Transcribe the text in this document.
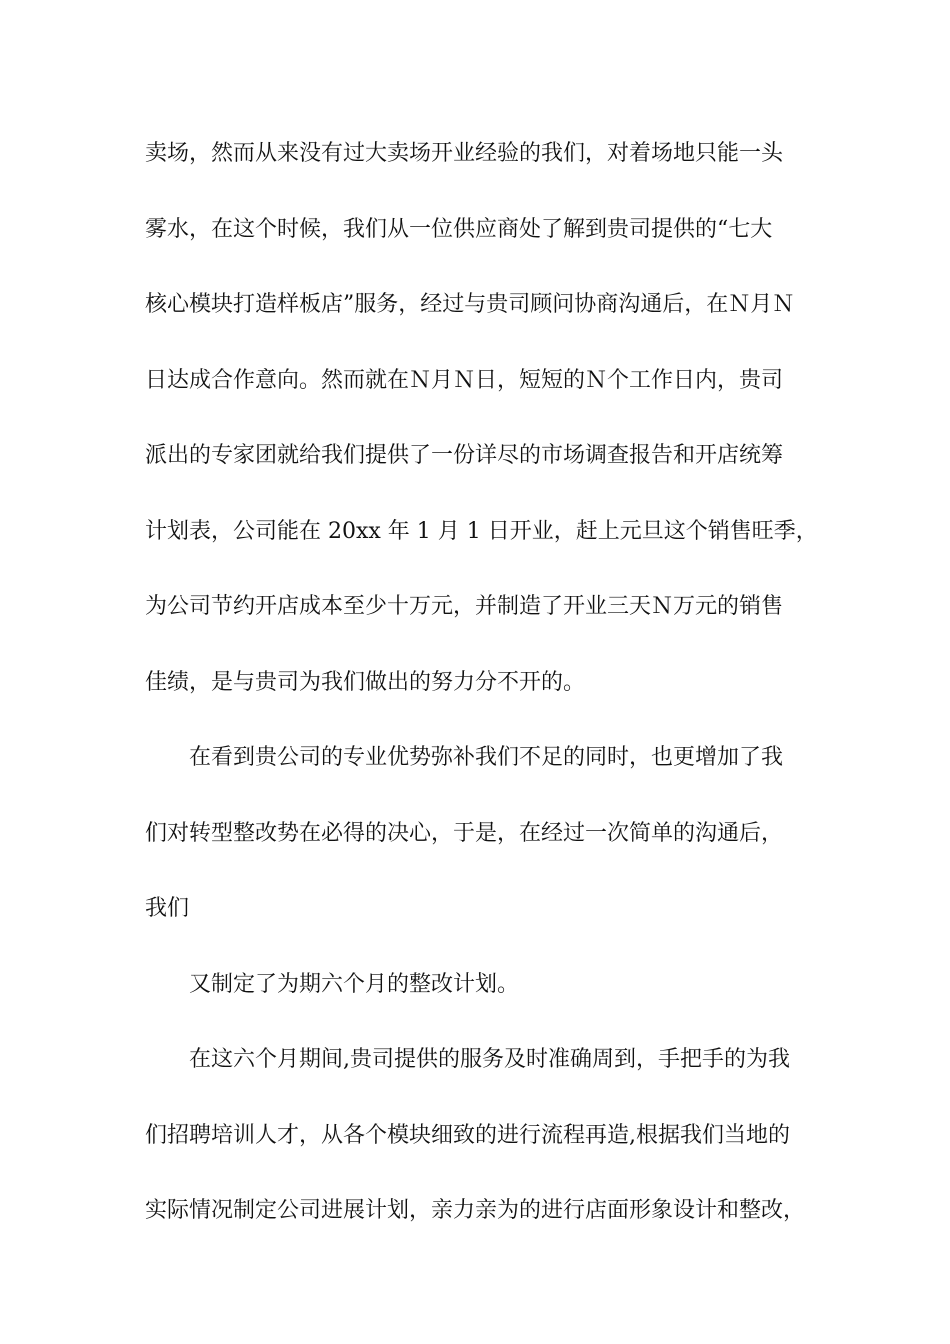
卖场，然而从来没有过大卖场开业经验的我们，对着场地只能一头
雾水，在这个时候，我们从一位供应商处了解到贵司提供的“七大
核心模块打造样板店”服务，经过与贵司顾问协商沟通后，在Ｎ月Ｎ
日达成合作意向。然而就在Ｎ月Ｎ日，短短的Ｎ个工作日内，贵司
派出的专家团就给我们提供了一份详尽的市场调查报告和开店统筹
计划表，公司能在 20xx 年 1 月 1 日开业，赶上元旦这个销售旺季，
为公司节约开店成本至少十万元，并制造了开业三天Ｎ万元的销售
佳绩，是与贵司为我们做出的努力分不开的。
在看到贵公司的专业优势弥补我们不足的同时，也更增加了我
们对转型整改势在必得的决心，于是，在经过一次简单的沟通后，
我们
又制定了为期六个月的整改计划。
在这六个月期间,贵司提供的服务及时准确周到，手把手的为我
们招聘培训人才，从各个模块细致的进行流程再造,根据我们当地的
实际情况制定公司进展计划，亲力亲为的进行店面形象设计和整改，
